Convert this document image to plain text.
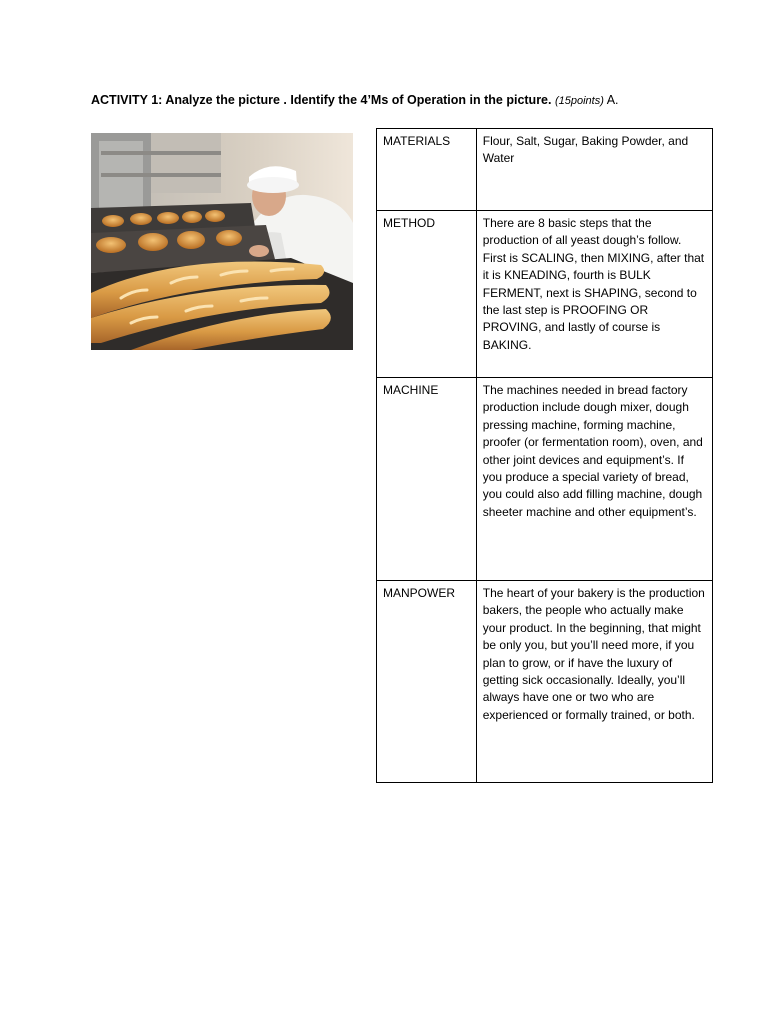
ACTIVITY 1: Analyze the picture . Identify the 4’Ms of Operation in the picture. (15points) A.
MATERIALS	Flour, Salt, Sugar, Baking Powder, and Water
METHOD	There are 8 basic steps that the production of all yeast dough’s follow. First is SCALING, then MIXING, after that it is KNEADING, fourth is BULK FERMENT, next is SHAPING, second to the last step is PROOFING OR PROVING, and lastly of course is BAKING.
MACHINE	The machines needed in bread factory production include dough mixer, dough pressing machine, forming machine, proofer (or fermentation room), oven, and other joint devices and equipment’s. If you produce a special variety of bread, you could also add filling machine, dough sheeter machine and other equipment’s.
MANPOWER	The heart of your bakery is the production bakers, the people who actually make your product. In the beginning, that might be only you, but you’ll need more, if you plan to grow, or if have the luxury of getting sick occasionally. Ideally, you’ll always have one or two who are experienced or formally trained, or both.
